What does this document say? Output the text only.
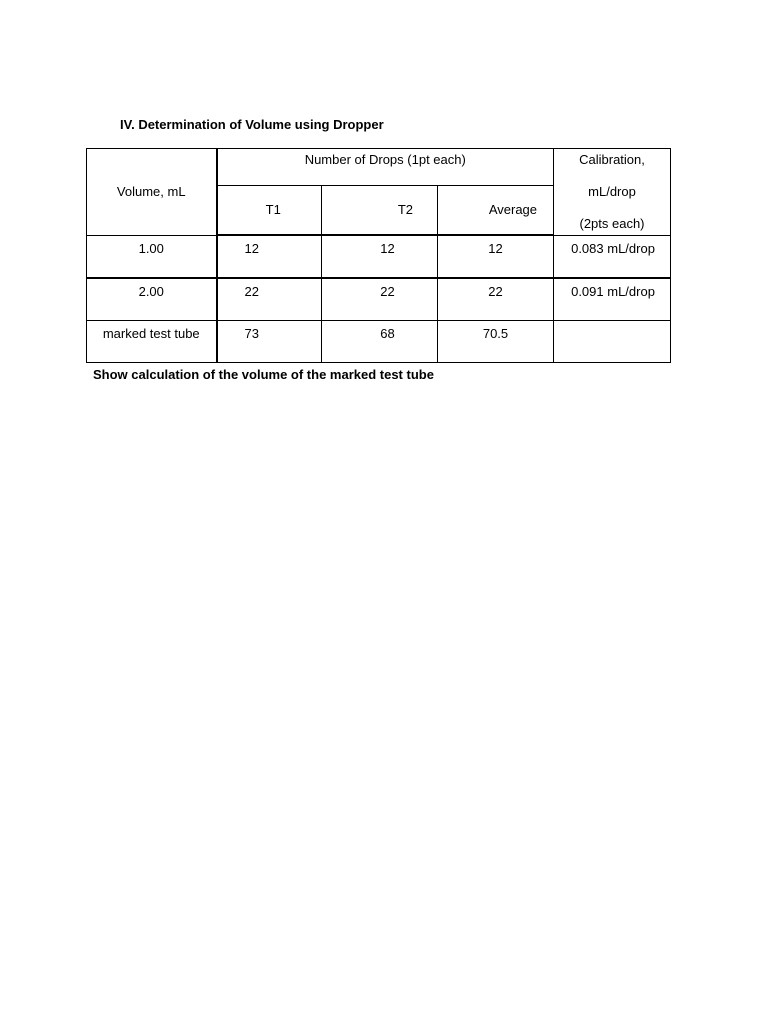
IV. Determination of Volume using Dropper
Volume, mL	Number of Drops (1pt each)			Calibration,
mL/drop
(2pts each)

	T1	T2	Average	
1.00	12	12	12	0.083 mL/drop
2.00	22	22	22	0.091 mL/drop
marked test tube	73	68	70.5	
Show calculation of the volume of the marked test tube
